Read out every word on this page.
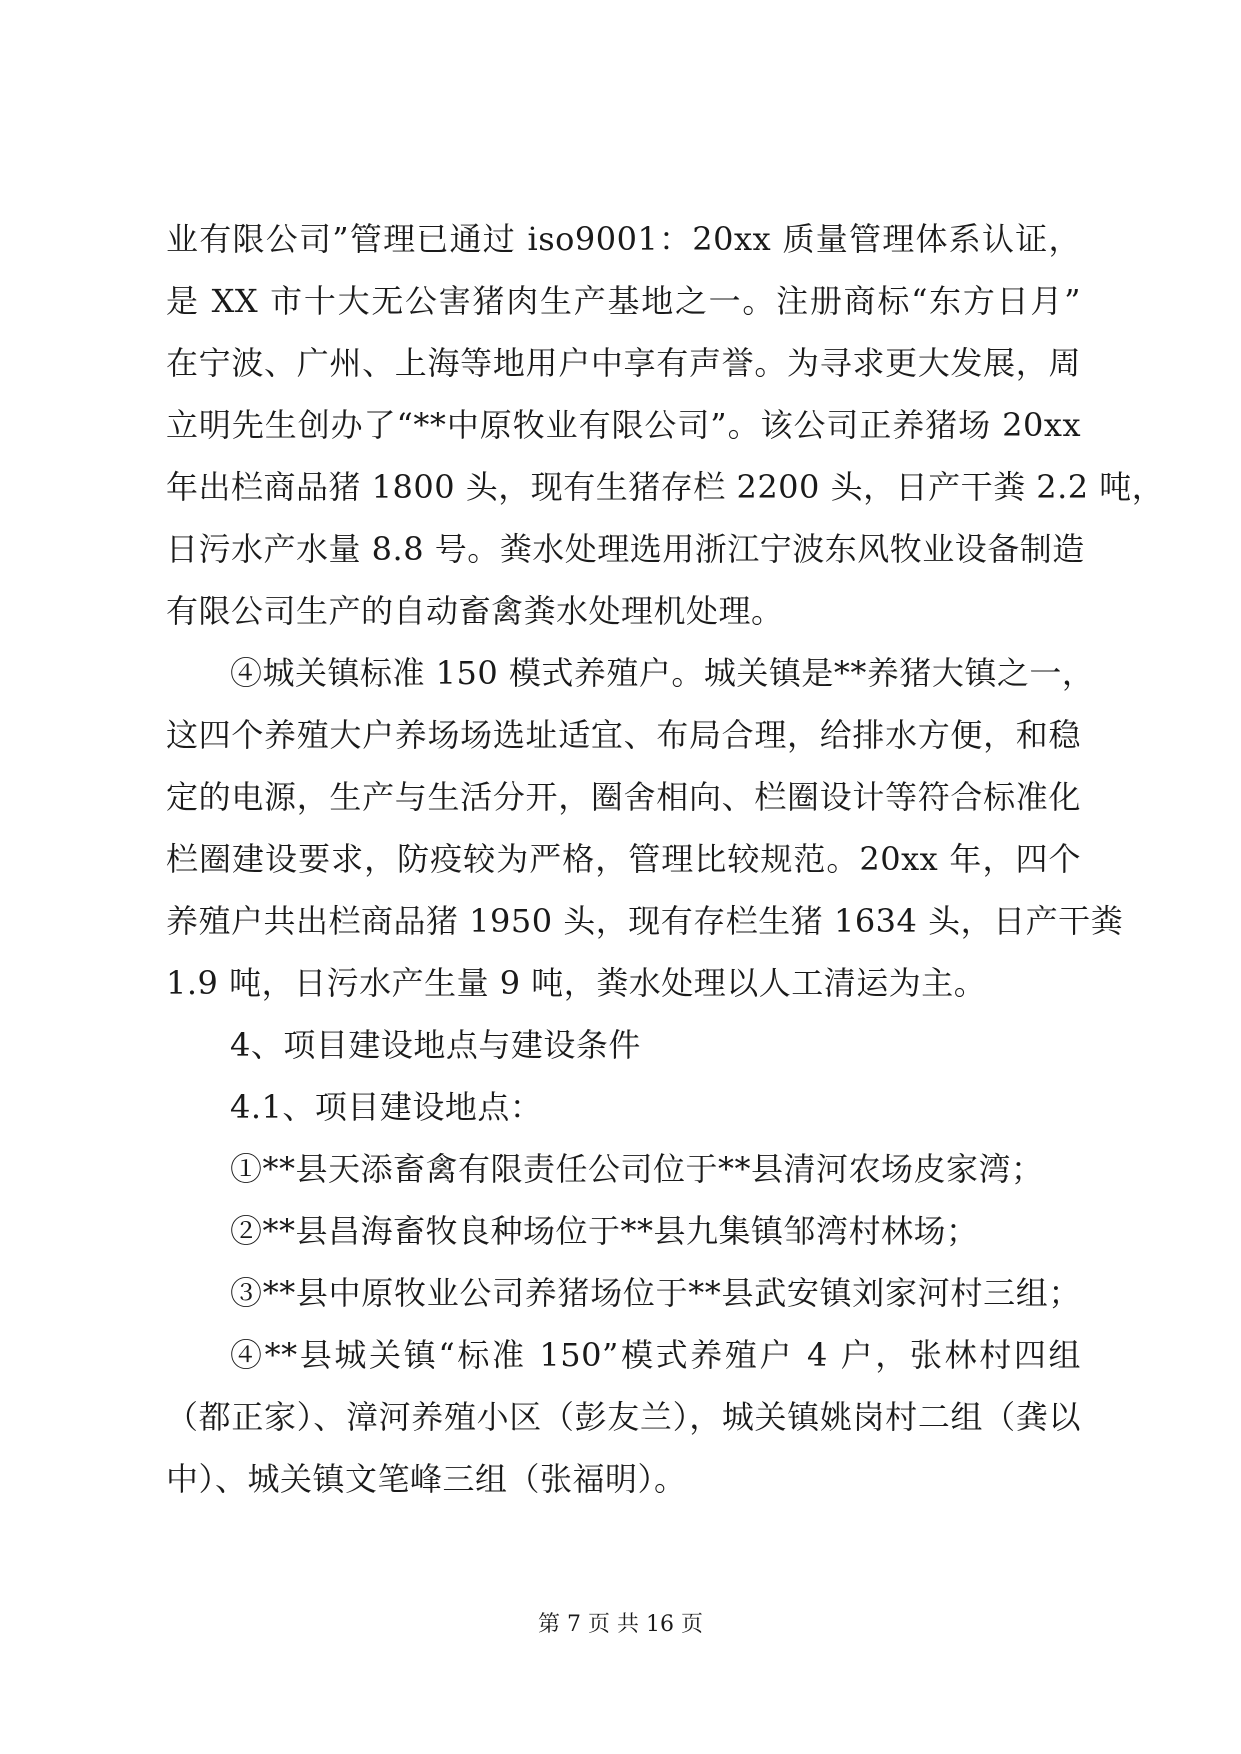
业有限公司”管理已通过 iso9001：20xx 质量管理体系认证，
是 XX 市十大无公害猪肉生产基地之一。注册商标“东方日月”
在宁波、广州、上海等地用户中享有声誉。为寻求更大发展，周
立明先生创办了“**中原牧业有限公司”。该公司正养猪场 20xx
年出栏商品猪 1800 头，现有生猪存栏 2200 头，日产干粪 2.2 吨，
日污水产水量 8.8 号。粪水处理选用浙江宁波东风牧业设备制造
有限公司生产的自动畜禽粪水处理机处理。
④城关镇标准 150 模式养殖户。城关镇是**养猪大镇之一，
这四个养殖大户养场场选址适宜、布局合理，给排水方便，和稳
定的电源，生产与生活分开，圈舍相向、栏圈设计等符合标准化
栏圈建设要求，防疫较为严格，管理比较规范。20xx 年，四个
养殖户共出栏商品猪 1950 头，现有存栏生猪 1634 头，日产干粪
1.9 吨，日污水产生量 9 吨，粪水处理以人工清运为主。
4、项目建设地点与建设条件
4.1、项目建设地点：
①**县天添畜禽有限责任公司位于**县清河农场皮家湾；
②**县昌海畜牧良种场位于**县九集镇邹湾村林场；
③**县中原牧业公司养猪场位于**县武安镇刘家河村三组；
④**县城关镇“标准 150”模式养殖户 4 户，张林村四组
（都正家）、漳河养殖小区（彭友兰），城关镇姚岗村二组（龚以
中）、城关镇文笔峰三组（张福明）。
第 7 页 共 16 页
